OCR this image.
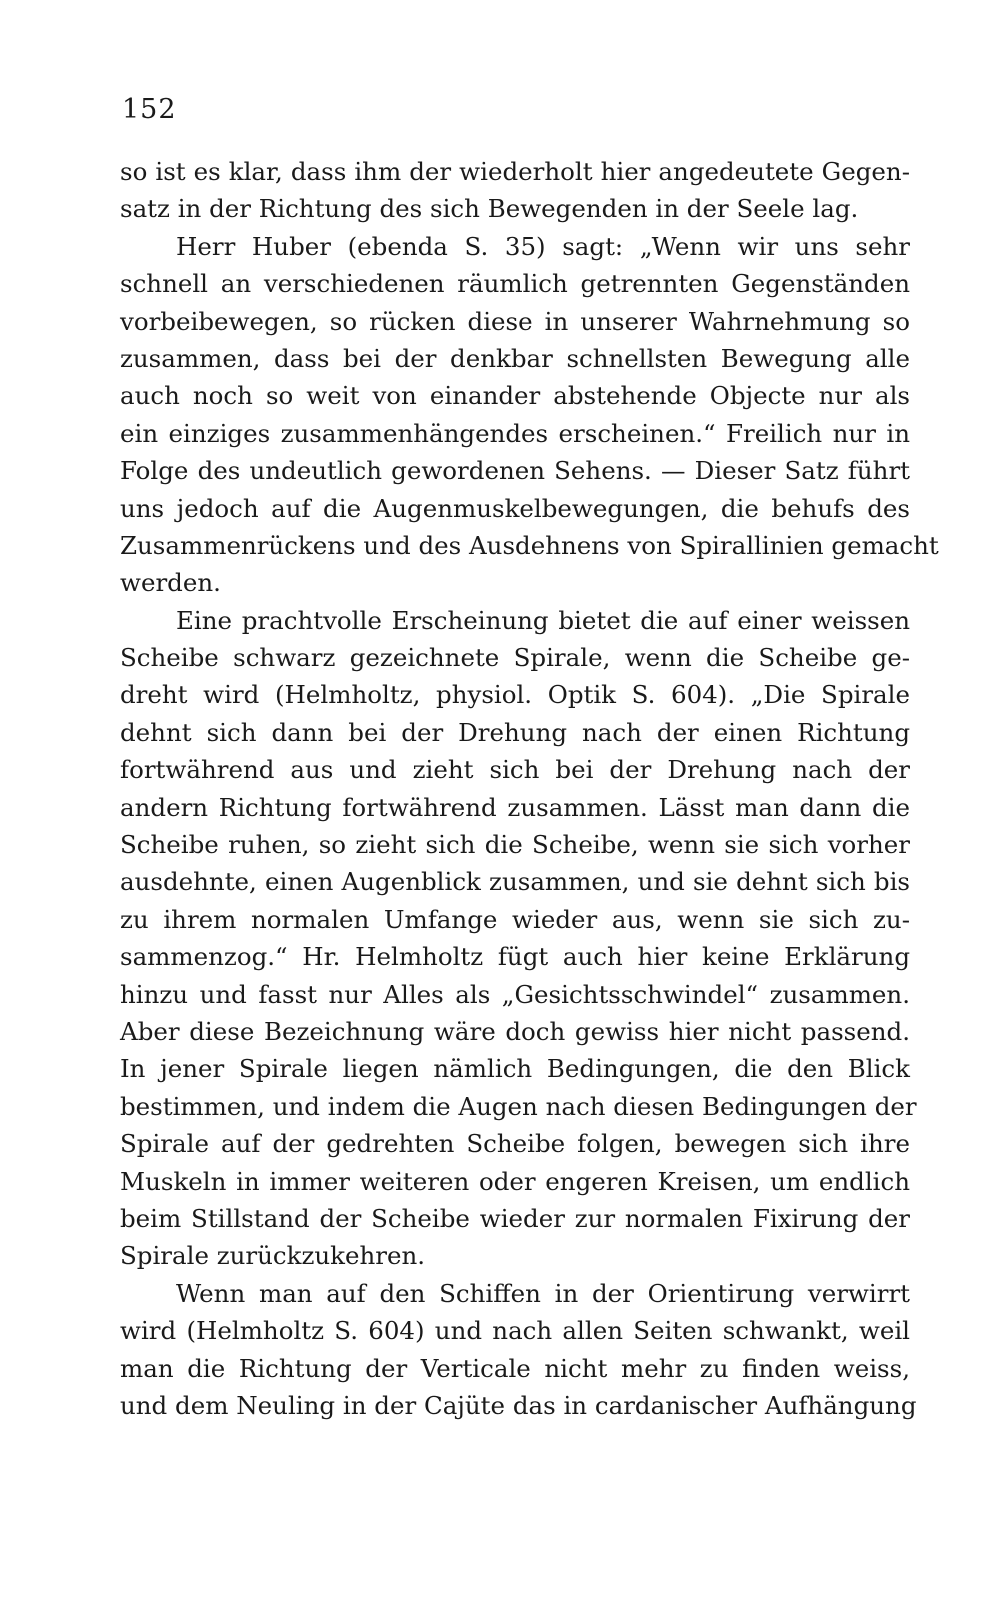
152
so ist es klar, dass ihm der wiederholt hier angedeutete Gegen-
satz in der Richtung des sich Bewegenden in der Seele lag.
Herr Huber (ebenda S. 35) sagt: „Wenn wir uns sehr
schnell an verschiedenen räumlich getrennten Gegenständen
vorbeibewegen, so rücken diese in unserer Wahrnehmung so
zusammen, dass bei der denkbar schnellsten Bewegung alle
auch noch so weit von einander abstehende Objecte nur als
ein einziges zusammenhängendes erscheinen.“ Freilich nur in
Folge des undeutlich gewordenen Sehens. — Dieser Satz führt
uns jedoch auf die Augenmuskelbewegungen, die behufs des
Zusammenrückens und des Ausdehnens von Spirallinien gemacht
werden.
Eine prachtvolle Erscheinung bietet die auf einer weissen
Scheibe schwarz gezeichnete Spirale, wenn die Scheibe ge-
dreht wird (Helmholtz, physiol. Optik S. 604). „Die Spirale
dehnt sich dann bei der Drehung nach der einen Richtung
fortwährend aus und zieht sich bei der Drehung nach der
andern Richtung fortwährend zusammen. Lässt man dann die
Scheibe ruhen, so zieht sich die Scheibe, wenn sie sich vorher
ausdehnte, einen Augenblick zusammen, und sie dehnt sich bis
zu ihrem normalen Umfange wieder aus, wenn sie sich zu-
sammenzog.“ Hr. Helmholtz fügt auch hier keine Erklärung
hinzu und fasst nur Alles als „Gesichtsschwindel“ zusammen.
Aber diese Bezeichnung wäre doch gewiss hier nicht passend.
In jener Spirale liegen nämlich Bedingungen, die den Blick
bestimmen, und indem die Augen nach diesen Bedingungen der
Spirale auf der gedrehten Scheibe folgen, bewegen sich ihre
Muskeln in immer weiteren oder engeren Kreisen, um endlich
beim Stillstand der Scheibe wieder zur normalen Fixirung der
Spirale zurückzukehren.
Wenn man auf den Schiffen in der Orientirung verwirrt
wird (Helmholtz S. 604) und nach allen Seiten schwankt, weil
man die Richtung der Verticale nicht mehr zu finden weiss,
und dem Neuling in der Cajüte das in cardanischer Aufhängung
